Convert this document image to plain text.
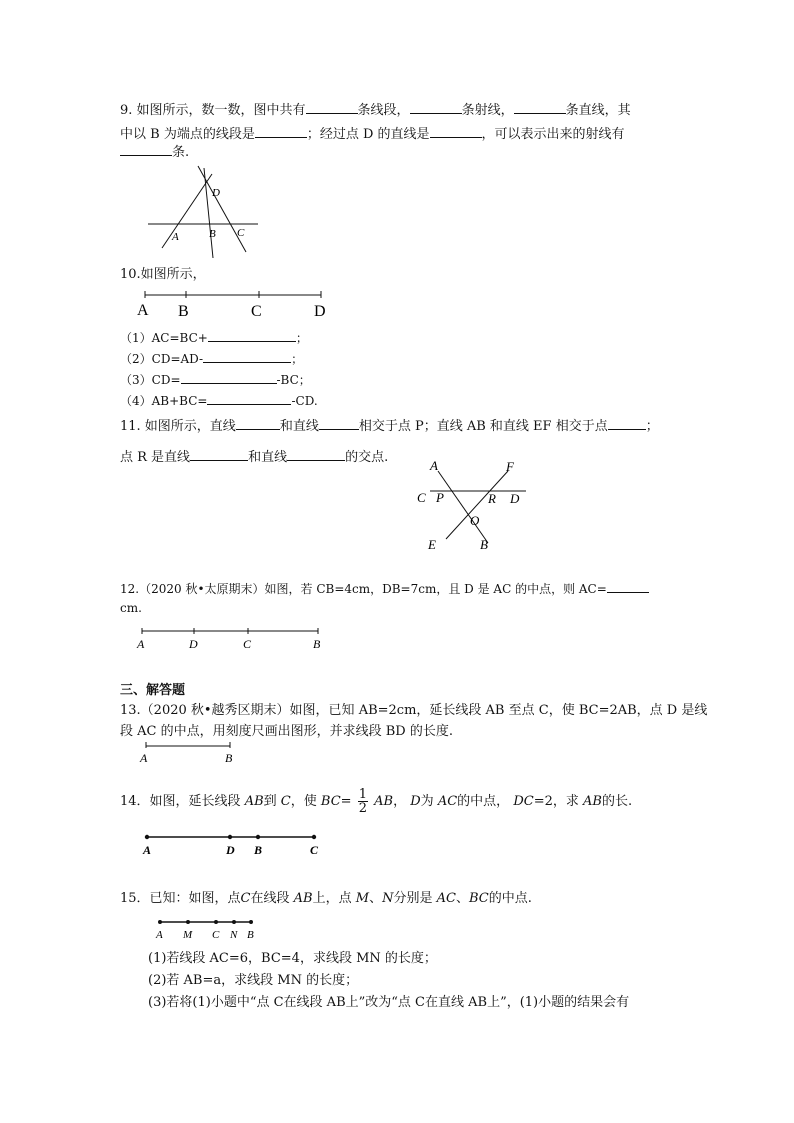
9. 如图所示，数一数，图中共有	条线段，	条射线，	条直线，其
中以 B 为端点的线段是	；经过点 D 的直线是	，可以表示出来的射线有
条.
D
A	B C
10.如图所示，
A B	C	D
（1）AC=BC+	；
（2）CD=AD-	；
（3）CD=	-BC；
（4）AB+BC=	-CD.
11. 如图所示，直线	和直线	相交于点 P；直线 AB 和直线 EF 相交于点	；
点 R 是直线	和直线	的交点.
A	F
C P	R D
O
E	B
12.（2020 秋•太原期末）如图，若 CB=4cm，DB=7cm，且 D 是 AC 的中点，则 AC=
cm.
A	D	C	B
三、解答题
13.（2020 秋•越秀区期末）如图，已知 AB=2cm，延长线段 AB 至点 C，使 BC=2AB，点 D 是线
段 AC 的中点，用刻度尺画出图形，并求线段 BD 的长度.
A	B
14．如图，延长线段 AB到 C，使 $BC= \frac{1}{2}$ AB， D为 AC的中点， DC=2，求 AB的长.
A	D B	C
15．已知：如图，点C在线段 AB上，点 M、N分别是 AC、BC的中点.
A M C N B
(1)若线段 AC=6，BC=4，求线段 MN 的长度；
(2)若 AB=a，求线段 MN 的长度；
(3)若将(1)小题中“点 C在线段 AB上”改为“点 C在直线 AB上”，(1)小题的结果会有
